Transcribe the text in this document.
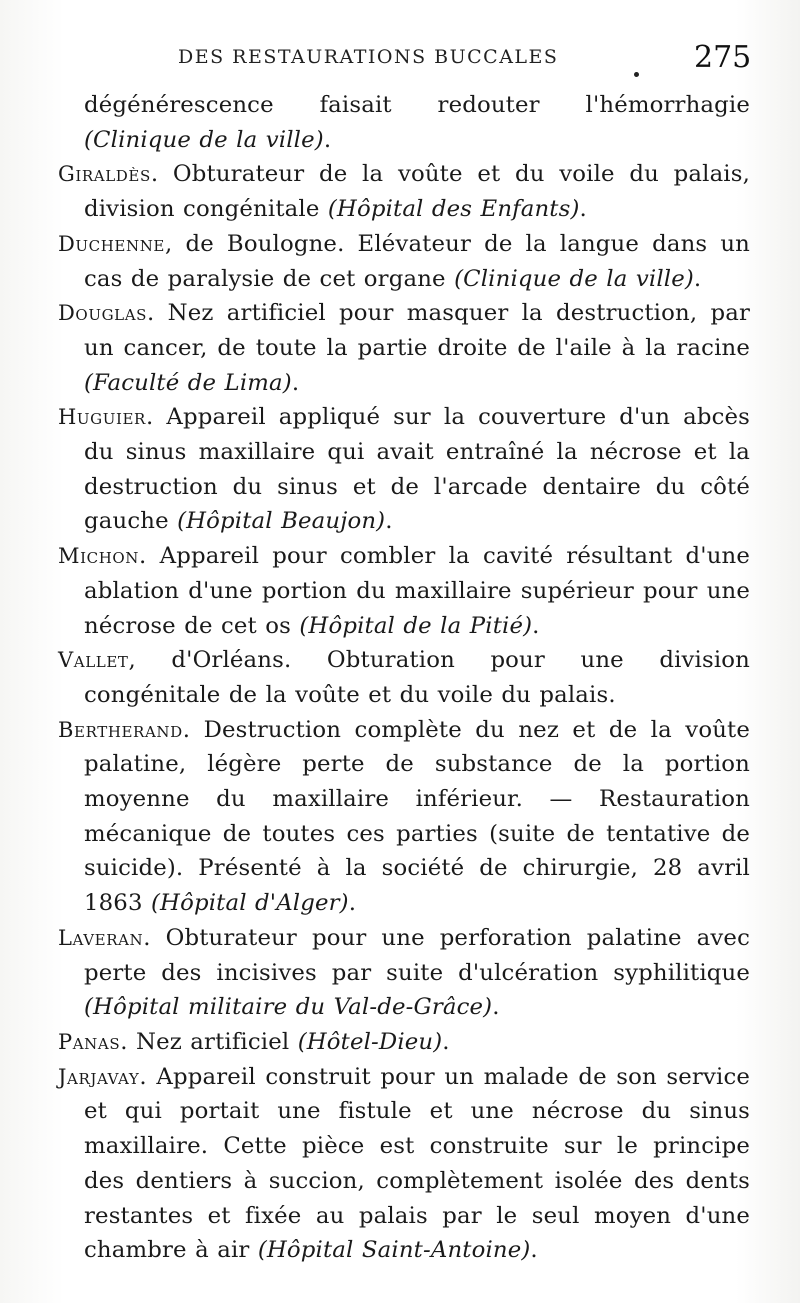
DES RESTAURATIONS BUCCALES	275

dégénérescence faisait redouter l'hémorrhagie (Clinique de la ville).

Giraldès. Obturateur de la voûte et du voile du palais, division congénitale (Hôpital des Enfants).

Duchenne, de Boulogne. Elévateur de la langue dans un cas de paralysie de cet organe (Clinique de la ville).

Douglas. Nez artificiel pour masquer la destruction, par un cancer, de toute la partie droite de l'aile à la racine (Faculté de Lima).

Huguier. Appareil appliqué sur la couverture d'un abcès du sinus maxillaire qui avait entraîné la nécrose et la destruction du sinus et de l'arcade dentaire du côté gauche (Hôpital Beaujon).

Michon. Appareil pour combler la cavité résultant d'une ablation d'une portion du maxillaire supérieur pour une nécrose de cet os (Hôpital de la Pitié).

Vallet, d'Orléans. Obturation pour une division congénitale de la voûte et du voile du palais.

Bertherand. Destruction complète du nez et de la voûte palatine, légère perte de substance de la portion moyenne du maxillaire inférieur. — Restauration mécanique de toutes ces parties (suite de tentative de suicide). Présenté à la société de chirurgie, 28 avril 1863 (Hôpital d'Alger).

Laveran. Obturateur pour une perforation palatine avec perte des incisives par suite d'ulcération syphilitique (Hôpital militaire du Val-de-Grâce).

Panas. Nez artificiel (Hôtel-Dieu).

Jarjavay. Appareil construit pour un malade de son service et qui portait une fistule et une nécrose du sinus maxillaire. Cette pièce est construite sur le principe des dentiers à succion, complètement isolée des dents restantes et fixée au palais par le seul moyen d'une chambre à air (Hôpital Saint-Antoine).
